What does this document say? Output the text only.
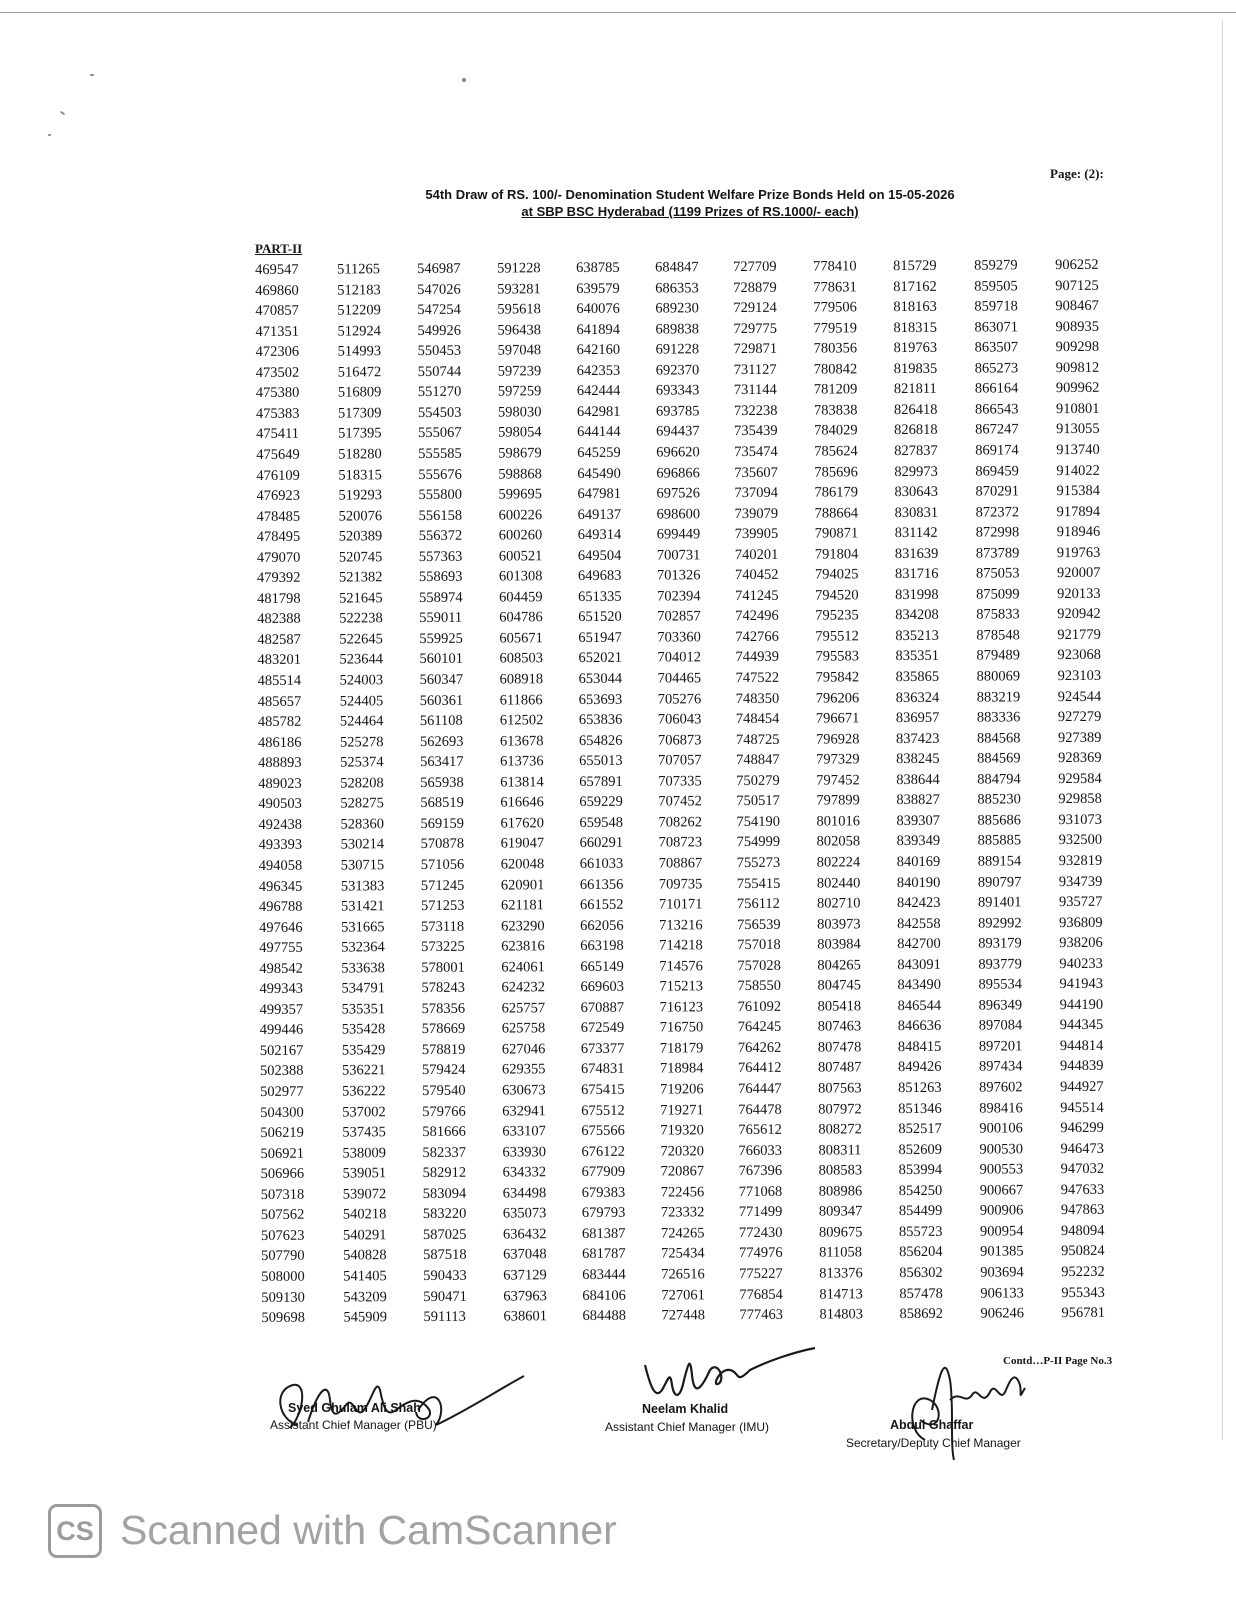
Page: (2):
54th Draw of RS. 100/- Denomination Student Welfare Prize Bonds Held on 15-05-2026
at SBP BSC Hyderabad (1199 Prizes of RS.1000/- each)
PART-II
469547
469860
470857
471351
472306
473502
475380
475383
475411
475649
476109
476923
478485
478495
479070
479392
481798
482388
482587
483201
485514
485657
485782
486186
488893
489023
490503
492438
493393
494058
496345
496788
497646
497755
498542
499343
499357
499446
502167
502388
502977
504300
506219
506921
506966
507318
507562
507623
507790
508000
509130
509698
511265
512183
512209
512924
514993
516472
516809
517309
517395
518280
518315
519293
520076
520389
520745
521382
521645
522238
522645
523644
524003
524405
524464
525278
525374
528208
528275
528360
530214
530715
531383
531421
531665
532364
533638
534791
535351
535428
535429
536221
536222
537002
537435
538009
539051
539072
540218
540291
540828
541405
543209
545909
546987
547026
547254
549926
550453
550744
551270
554503
555067
555585
555676
555800
556158
556372
557363
558693
558974
559011
559925
560101
560347
560361
561108
562693
563417
565938
568519
569159
570878
571056
571245
571253
573118
573225
578001
578243
578356
578669
578819
579424
579540
579766
581666
582337
582912
583094
583220
587025
587518
590433
590471
591113
591228
593281
595618
596438
597048
597239
597259
598030
598054
598679
598868
599695
600226
600260
600521
601308
604459
604786
605671
608503
608918
611866
612502
613678
613736
613814
616646
617620
619047
620048
620901
621181
623290
623816
624061
624232
625757
625758
627046
629355
630673
632941
633107
633930
634332
634498
635073
636432
637048
637129
637963
638601
638785
639579
640076
641894
642160
642353
642444
642981
644144
645259
645490
647981
649137
649314
649504
649683
651335
651520
651947
652021
653044
653693
653836
654826
655013
657891
659229
659548
660291
661033
661356
661552
662056
663198
665149
669603
670887
672549
673377
674831
675415
675512
675566
676122
677909
679383
679793
681387
681787
683444
684106
684488
684847
686353
689230
689838
691228
692370
693343
693785
694437
696620
696866
697526
698600
699449
700731
701326
702394
702857
703360
704012
704465
705276
706043
706873
707057
707335
707452
708262
708723
708867
709735
710171
713216
714218
714576
715213
716123
716750
718179
718984
719206
719271
719320
720320
720867
722456
723332
724265
725434
726516
727061
727448
727709
728879
729124
729775
729871
731127
731144
732238
735439
735474
735607
737094
739079
739905
740201
740452
741245
742496
742766
744939
747522
748350
748454
748725
748847
750279
750517
754190
754999
755273
755415
756112
756539
757018
757028
758550
761092
764245
764262
764412
764447
764478
765612
766033
767396
771068
771499
772430
774976
775227
776854
777463
778410
778631
779506
779519
780356
780842
781209
783838
784029
785624
785696
786179
788664
790871
791804
794025
794520
795235
795512
795583
795842
796206
796671
796928
797329
797452
797899
801016
802058
802224
802440
802710
803973
803984
804265
804745
805418
807463
807478
807487
807563
807972
808272
808311
808583
808986
809347
809675
811058
813376
814713
814803
815729
817162
818163
818315
819763
819835
821811
826418
826818
827837
829973
830643
830831
831142
831639
831716
831998
834208
835213
835351
835865
836324
836957
837423
838245
838644
838827
839307
839349
840169
840190
842423
842558
842700
843091
843490
846544
846636
848415
849426
851263
851346
852517
852609
853994
854250
854499
855723
856204
856302
857478
858692
859279
859505
859718
863071
863507
865273
866164
866543
867247
869174
869459
870291
872372
872998
873789
875053
875099
875833
878548
879489
880069
883219
883336
884568
884569
884794
885230
885686
885885
889154
890797
891401
892992
893179
893779
895534
896349
897084
897201
897434
897602
898416
900106
900530
900553
900667
900906
900954
901385
903694
906133
906246
906252
907125
908467
908935
909298
909812
909962
910801
913055
913740
914022
915384
917894
918946
919763
920007
920133
920942
921779
923068
923103
924544
927279
927389
928369
929584
929858
931073
932500
932819
934739
935727
936809
938206
940233
941943
944190
944345
944814
944839
944927
945514
946299
946473
947032
947633
947863
948094
950824
952232
955343
956781
Contd…P-II Page No.3
Syed Ghulam Ali Shah
Assistant Chief Manager (PBU)
Neelam Khalid
Assistant Chief Manager (IMU)	Abdul Ghaffar
Secretary/Deputy Chief Manager
CS Scanned with CamScanner
